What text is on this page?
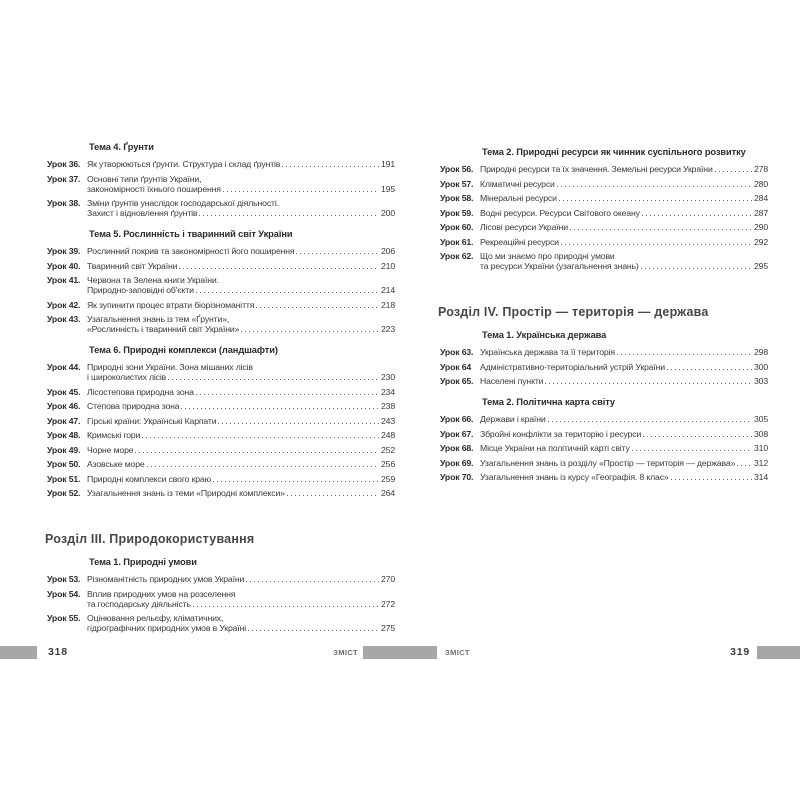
Тема 4. Ґрунти
Урок 36. Як утворюються ґрунти. Структура і склад ґрунтів	191
Урок 37. Основні типи ґрунтів України,
закономірності їхнього поширення	195
Урок 38. Зміни ґрунтів унаслідок господарської діяльності.
Захист і відновлення ґрунтів	200
Тема 5. Рослинність і тваринний світ України
Урок 39. Рослинний покрив та закономірності його поширення	206
Урок 40. Тваринний світ України	210
Урок 41. Червона та Зелена книги України.
Природно-заповідні об'єкти	214
Урок 42. Як зупинити процес втрати біорізноманіття	218
Урок 43. Узагальнення знань із тем «Ґрунти»,
«Рослинність і тваринний світ України»	223
Тема 6. Природні комплекси (ландшафти)
Урок 44. Природні зони України. Зона мішаних лісів
і широколистих лісів	230
Урок 45. Лісостепова природна зона	234
Урок 46. Степова природна зона	238
Урок 47. Гірські країни: Українські Карпати	243
Урок 48. Кримські гори	248
Урок 49. Чорне море	252
Урок 50. Азовське море	256
Урок 51. Природні комплекси свого краю	259
Урок 52. Узагальнення знань із теми «Природні комплекси»	264
Розділ III. Природокористування
Тема 1. Природні умови
Урок 53. Різноманітність природних умов України	270
Урок 54. Вплив природних умов на розселення
та господарську діяльність	272
Урок 55. Оцінювання рельєфу, кліматичних,
гідрографічних природних умов в Україні	275
Тема 2. Природні ресурси як чинник суспільного розвитку
Урок 56. Природні ресурси та їх значення. Земельні ресурси України	278
Урок 57. Кліматичні ресурси	280
Урок 58. Мінеральні ресурси	284
Урок 59. Водні ресурси. Ресурси Світового океану	287
Урок 60. Лісові ресурси України	290
Урок 61. Рекреаційні ресурси	292
Урок 62. Що ми знаємо про природні умови
та ресурси України (узагальнення знань)	295
Розділ IV. Простір — територія — держава
Тема 1. Українська держава
Урок 63. Українська держава та її територія	298
Урок 64	Адміністративно-територіальний устрій України	300
Урок 65. Населені пункти	303
Тема 2. Політична карта світу
Урок 66. Держави і країни	305
Урок 67. Збройні конфлікти за територію і ресурси	308
Урок 68. Місце України на політичній карті світу	310
Урок 69. Узагальнення знань із розділу «Простір — територія — держава» 312
Урок 70. Узагальнення знань із курсу «Географія. 8 клас»	314
318	ЗМІСТ	ЗМІСТ	319
